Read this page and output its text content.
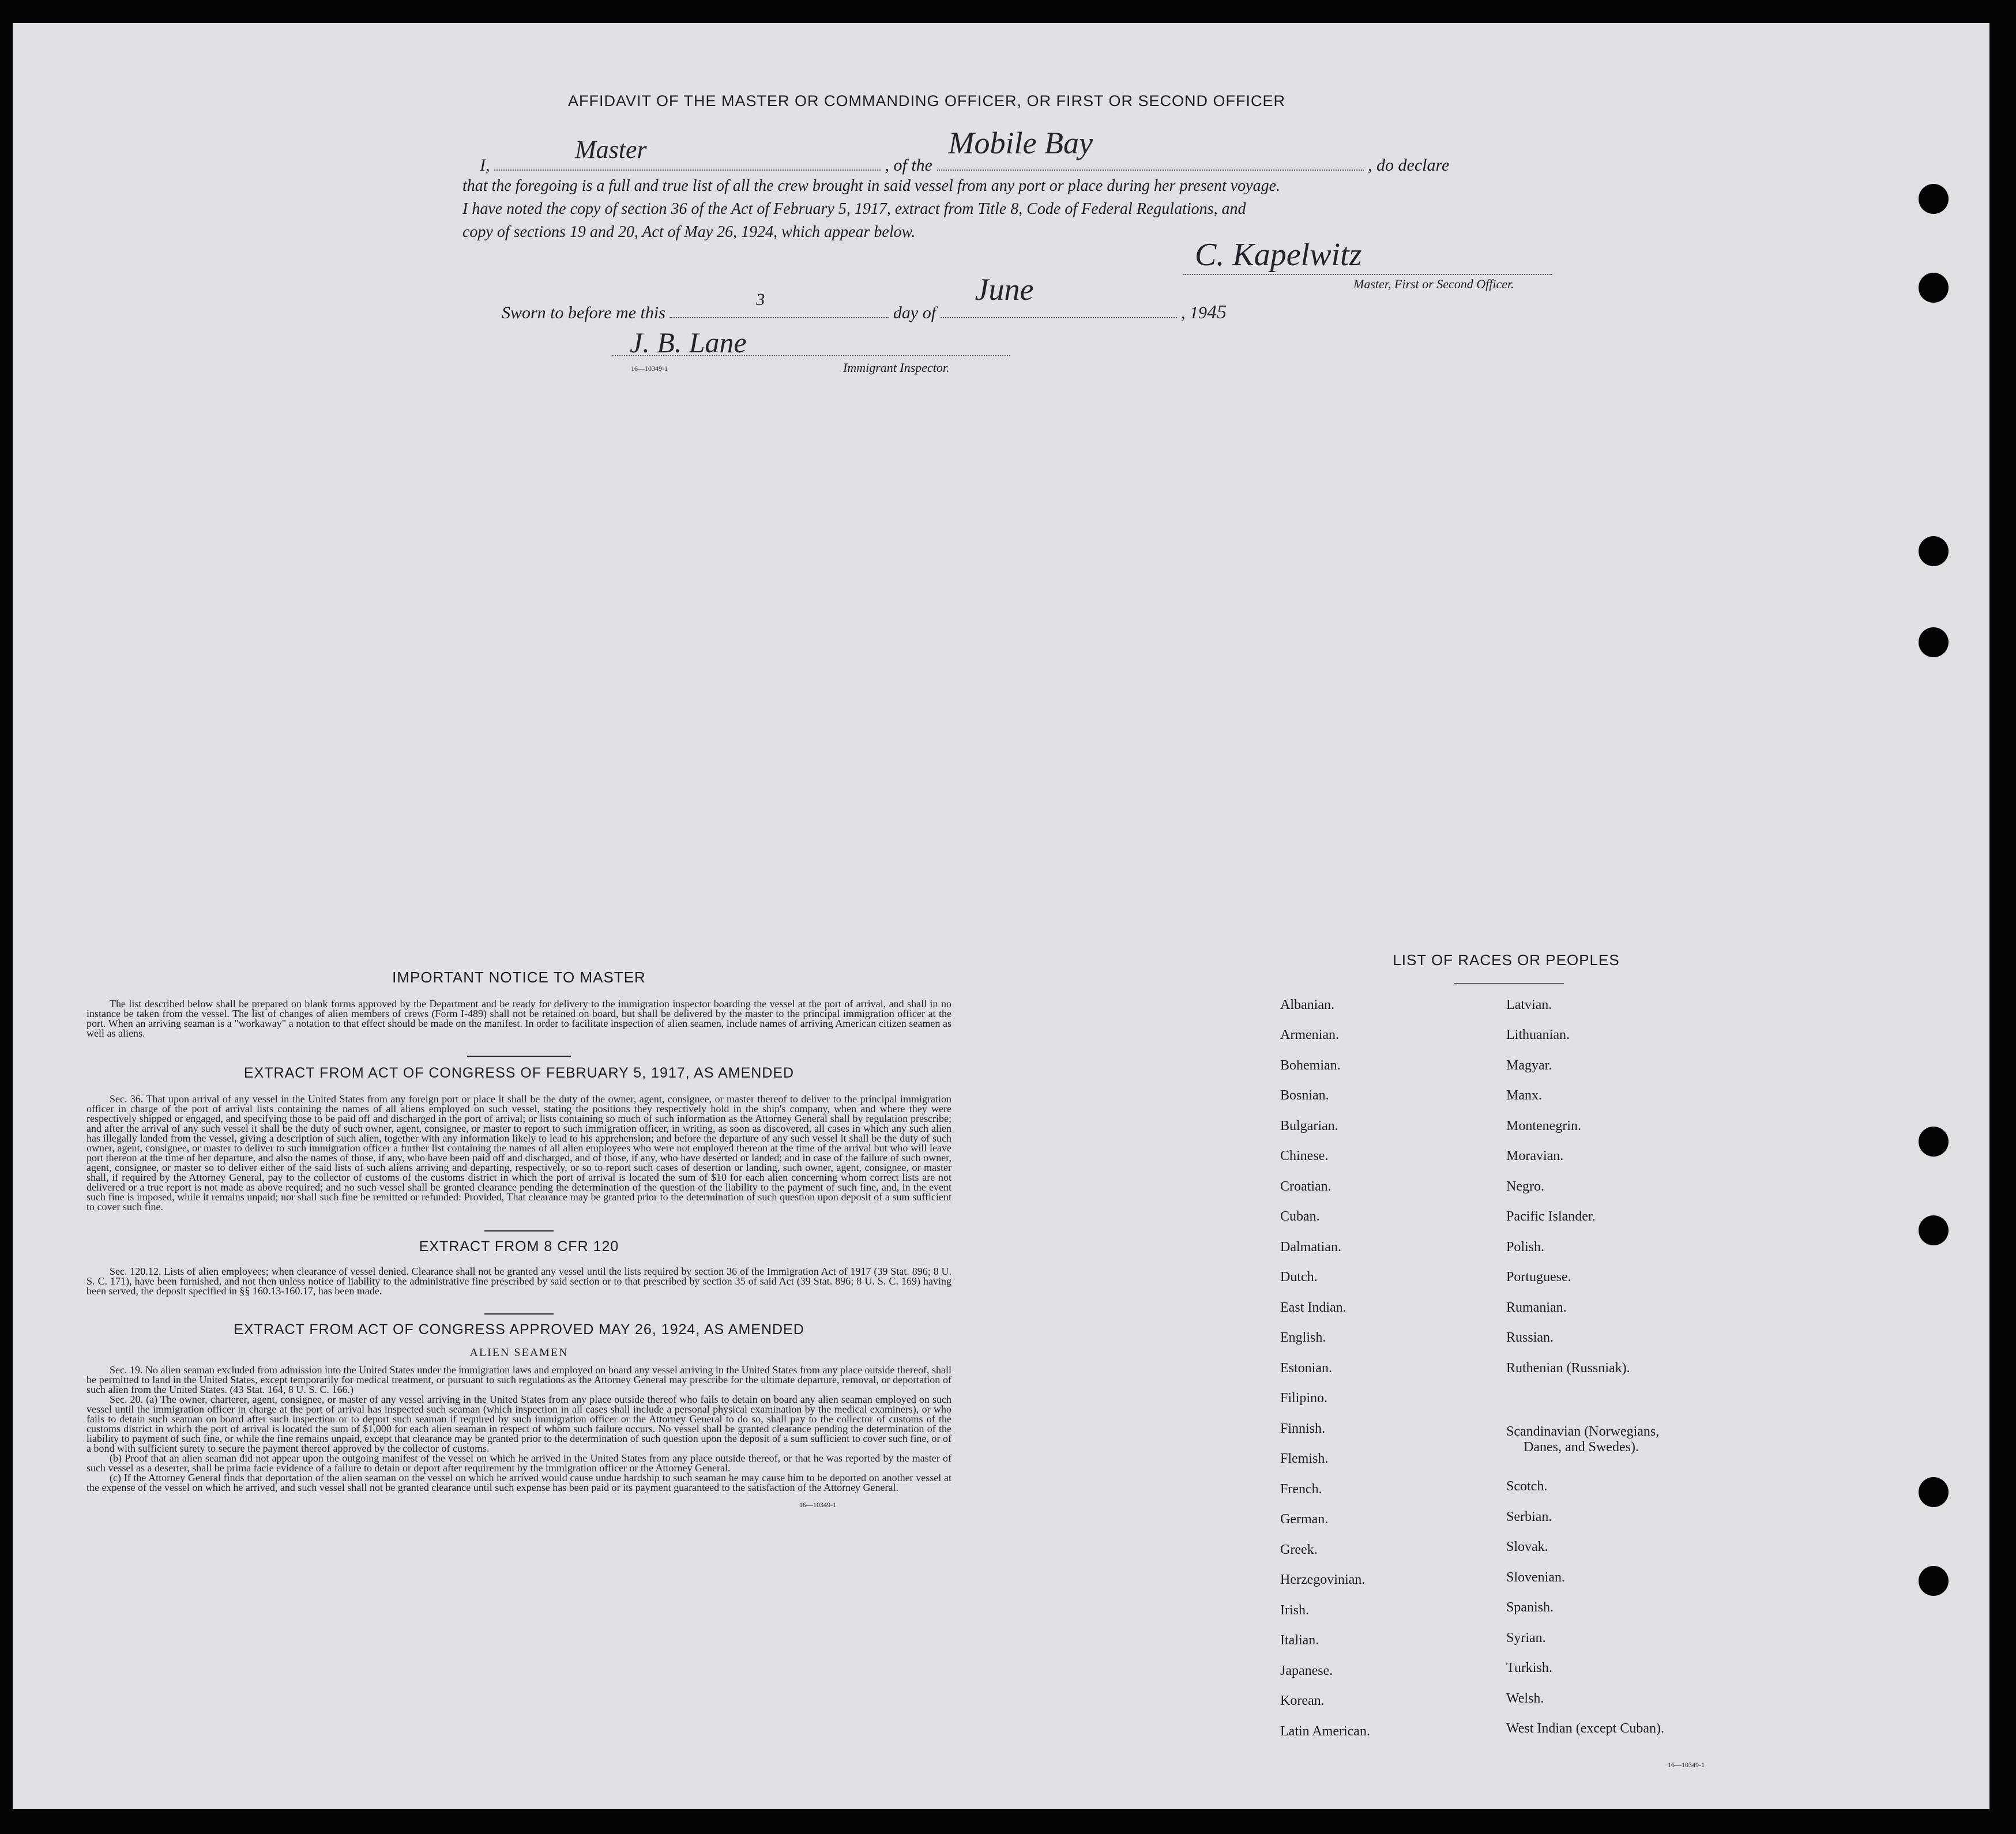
AFFIDAVIT OF THE MASTER OR COMMANDING OFFICER, OR FIRST OR SECOND OFFICER
I,
Master
, of the
Mobile Bay
, do declare
that the foregoing is a full and true list of all the crew brought in said vessel from any port or place during her present voyage.
I have noted the copy of section 36 of the Act of February 5, 1917, extract from Title 8, Code of Federal Regulations, and
copy of sections 19 and 20, Act of May 26, 1924, which appear below.
C. Kapelwitz
Master, First or Second Officer.
Sworn to before me this
3
day of
June
, 1945
J. B. Lane
16—10349-1	Immigrant Inspector.
IMPORTANT NOTICE TO MASTER
The list described below shall be prepared on blank forms approved by the Department and be ready for delivery to the immigration inspector boarding the vessel at the port of arrival, and shall in no instance be taken from the vessel. The list of changes of alien members of crews (Form I-489) shall not be retained on board, but shall be delivered by the master to the principal immigration officer at the port. When an arriving seaman is a "workaway" a notation to that effect should be made on the manifest. In order to facilitate inspection of alien seamen, include names of arriving American citizen seamen as well as aliens.
EXTRACT FROM ACT OF CONGRESS OF FEBRUARY 5, 1917, AS AMENDED
Sec. 36. That upon arrival of any vessel in the United States from any foreign port or place it shall be the duty of the owner, agent, consignee, or master thereof to deliver to the principal immigration officer in charge of the port of arrival lists containing the names of all aliens employed on such vessel, stating the positions they respectively hold in the ship's company, when and where they were respectively shipped or engaged, and specifying those to be paid off and discharged in the port of arrival; or lists containing so much of such information as the Attorney General shall by regulation prescribe; and after the arrival of any such vessel it shall be the duty of such owner, agent, consignee, or master to report to such immigration officer, in writing, as soon as discovered, all cases in which any such alien has illegally landed from the vessel, giving a description of such alien, together with any information likely to lead to his apprehension; and before the departure of any such vessel it shall be the duty of such owner, agent, consignee, or master to deliver to such immigration officer a further list containing the names of all alien employees who were not employed thereon at the time of the arrival but who will leave port thereon at the time of her departure, and also the names of those, if any, who have been paid off and discharged, and of those, if any, who have deserted or landed; and in case of the failure of such owner, agent, consignee, or master so to deliver either of the said lists of such aliens arriving and departing, respectively, or so to report such cases of desertion or landing, such owner, agent, consignee, or master shall, if required by the Attorney General, pay to the collector of customs of the customs district in which the port of arrival is located the sum of $10 for each alien concerning whom correct lists are not delivered or a true report is not made as above required; and no such vessel shall be granted clearance pending the determination of the question of the liability to the payment of such fine, and, in the event such fine is imposed, while it remains unpaid; nor shall such fine be remitted or refunded: Provided, That clearance may be granted prior to the determination of such question upon deposit of a sum sufficient to cover such fine.
EXTRACT FROM 8 CFR 120
Sec. 120.12. Lists of alien employees; when clearance of vessel denied. Clearance shall not be granted any vessel until the lists required by section 36 of the Immigration Act of 1917 (39 Stat. 896; 8 U. S. C. 171), have been furnished, and not then unless notice of liability to the administrative fine prescribed by said section or to that prescribed by section 35 of said Act (39 Stat. 896; 8 U. S. C. 169) having been served, the deposit specified in §§ 160.13-160.17, has been made.
EXTRACT FROM ACT OF CONGRESS APPROVED MAY 26, 1924, AS AMENDED
ALIEN SEAMEN
Sec. 19. No alien seaman excluded from admission into the United States under the immigration laws and employed on board any vessel arriving in the United States from any place outside thereof, shall be permitted to land in the United States, except temporarily for medical treatment, or pursuant to such regulations as the Attorney General may prescribe for the ultimate departure, removal, or deportation of such alien from the United States. (43 Stat. 164, 8 U. S. C. 166.)
Sec. 20. (a) The owner, charterer, agent, consignee, or master of any vessel arriving in the United States from any place outside thereof who fails to detain on board any alien seaman employed on such vessel until the immigration officer in charge at the port of arrival has inspected such seaman (which inspection in all cases shall include a personal physical examination by the medical examiners), or who fails to detain such seaman on board after such inspection or to deport such seaman if required by such immigration officer or the Attorney General to do so, shall pay to the collector of customs of the customs district in which the port of arrival is located the sum of $1,000 for each alien seaman in respect of whom such failure occurs. No vessel shall be granted clearance pending the determination of the liability to payment of such fine, or while the fine remains unpaid, except that clearance may be granted prior to the determination of such question upon the deposit of a sum sufficient to cover such fine, or of a bond with sufficient surety to secure the payment thereof approved by the collector of customs.
(b) Proof that an alien seaman did not appear upon the outgoing manifest of the vessel on which he arrived in the United States from any place outside thereof, or that he was reported by the master of such vessel as a deserter, shall be prima facie evidence of a failure to detain or deport after requirement by the immigration officer or the Attorney General.
(c) If the Attorney General finds that deportation of the alien seaman on the vessel on which he arrived would cause undue hardship to such seaman he may cause him to be deported on another vessel at the expense of the vessel on which he arrived, and such vessel shall not be granted clearance until such expense has been paid or its payment guaranteed to the satisfaction of the Attorney General.
16—10349-1
LIST OF RACES OR PEOPLES
Albanian.
Armenian.
Bohemian.
Bosnian.
Bulgarian.
Chinese.
Croatian.
Cuban.
Dalmatian.
Dutch.
East Indian.
English.
Estonian.
Filipino.
Finnish.
Flemish.
French.
German.
Greek.
Herzegovinian.
Irish.
Italian.
Japanese.
Korean.
Latin American.
Latvian.
Lithuanian.
Magyar.
Manx.
Montenegrin.
Moravian.
Negro.
Pacific Islander.
Polish.
Portuguese.
Rumanian.
Russian.
Ruthenian (Russniak).
Scandinavian (Norwegians,
Danes, and Swedes).
Scotch.
Serbian.
Slovak.
Slovenian.
Spanish.
Syrian.
Turkish.
Welsh.
West Indian (except Cuban).
16—10349-1
